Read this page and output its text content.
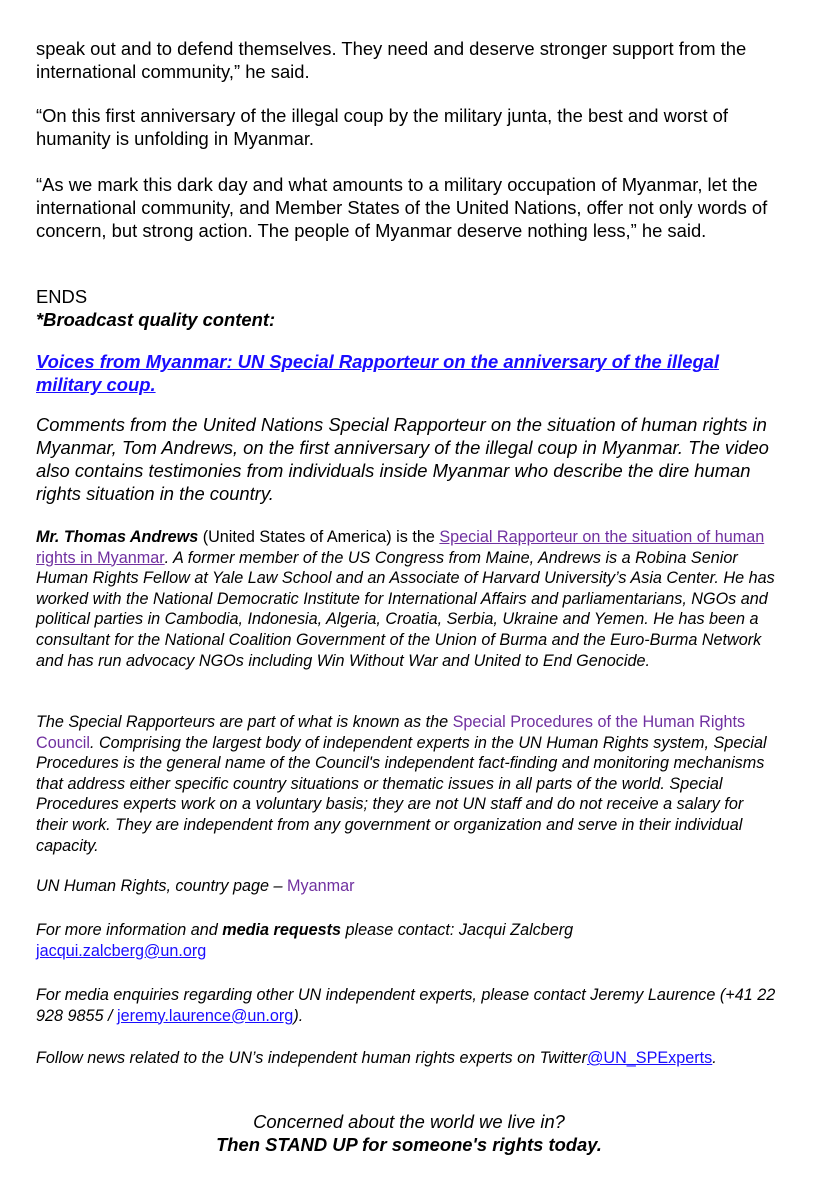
speak out and to defend themselves. They need and deserve stronger support from the international community,” he said.

“On this first anniversary of the illegal coup by the military junta, the best and worst of humanity is unfolding in Myanmar.

“As we mark this dark day and what amounts to a military occupation of Myanmar, let the international community, and Member States of the United Nations, offer not only words of concern, but strong action. The people of Myanmar deserve nothing less,” he said.

ENDS

*Broadcast quality content:

Voices from Myanmar: UN Special Rapporteur on the anniversary of the illegal military coup.

Comments from the United Nations Special Rapporteur on the situation of human rights in Myanmar, Tom Andrews, on the first anniversary of the illegal coup in Myanmar. The video also contains testimonies from individuals inside Myanmar who describe the dire human rights situation in the country.

Mr. Thomas Andrews (United States of America) is the Special Rapporteur on the situation of human rights in Myanmar. A former member of the US Congress from Maine, Andrews is a Robina Senior Human Rights Fellow at Yale Law School and an Associate of Harvard University’s Asia Center. He has worked with the National Democratic Institute for International Affairs and parliamentarians, NGOs and political parties in Cambodia, Indonesia, Algeria, Croatia, Serbia, Ukraine and Yemen. He has been a consultant for the National Coalition Government of the Union of Burma and the Euro-Burma Network and has run advocacy NGOs including Win Without War and United to End Genocide.

The Special Rapporteurs are part of what is known as the Special Procedures of the Human Rights Council. Comprising the largest body of independent experts in the UN Human Rights system, Special Procedures is the general name of the Council's independent fact-finding and monitoring mechanisms that address either specific country situations or thematic issues in all parts of the world. Special Procedures experts work on a voluntary basis; they are not UN staff and do not receive a salary for their work. They are independent from any government or organization and serve in their individual capacity.

UN Human Rights, country page – Myanmar

For more information and media requests please contact: Jacqui Zalcberg
jacqui.zalcberg@un.org

For media enquiries regarding other UN independent experts, please contact Jeremy Laurence (+41 22 928 9855 / jeremy.laurence@un.org).

Follow news related to the UN’s independent human rights experts on Twitter@UN_SPExperts.

Concerned about the world we live in?
Then STAND UP for someone's rights today.
